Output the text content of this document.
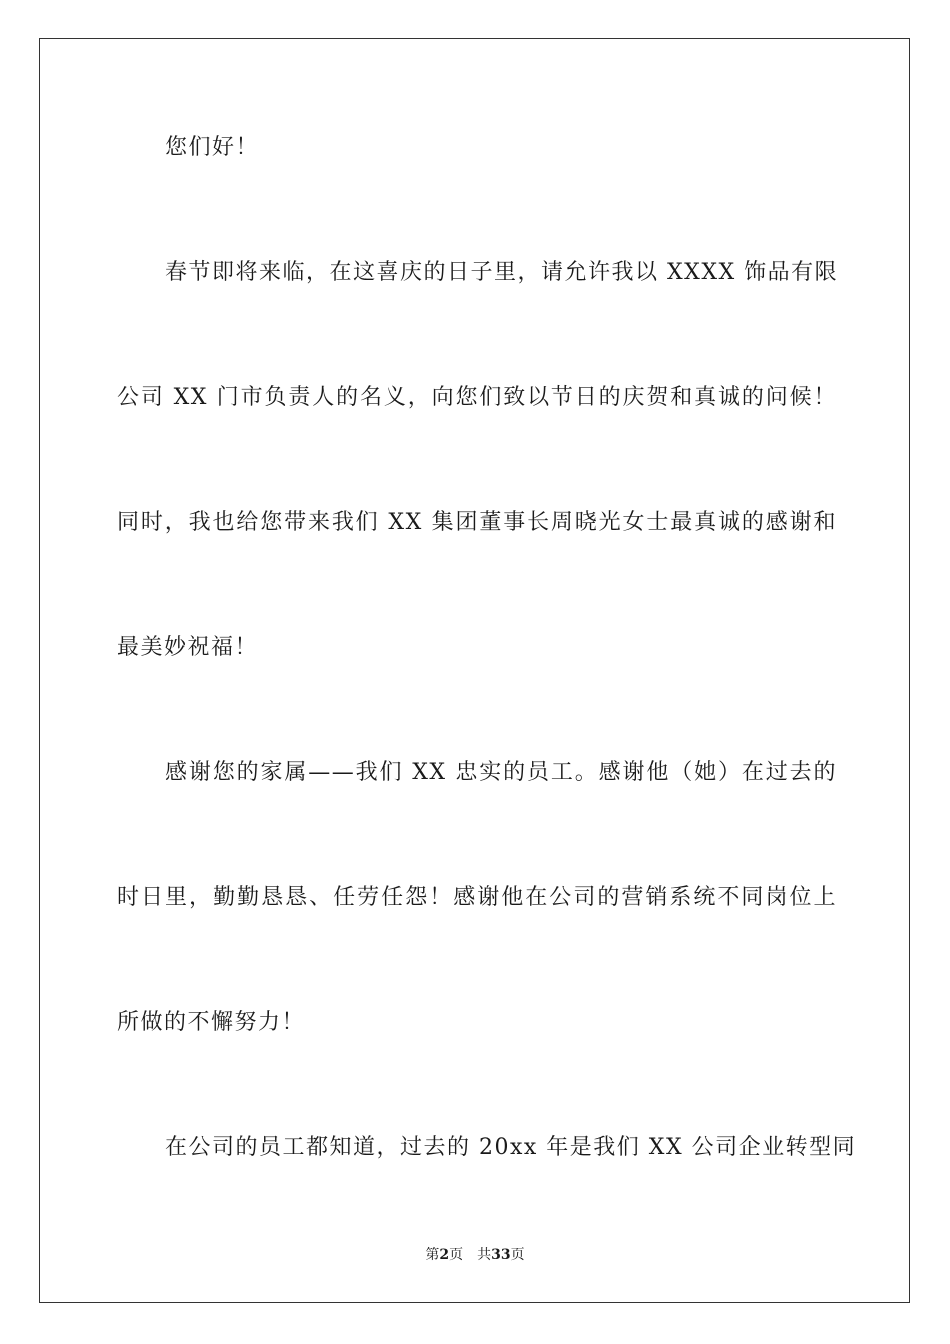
您们好！
春节即将来临，在这喜庆的日子里，请允许我以 XXXX 饰品有限
公司 XX 门市负责人的名义，向您们致以节日的庆贺和真诚的问候！
同时，我也给您带来我们 XX 集团董事长周晓光女士最真诚的感谢和
最美妙祝福！
感谢您的家属——我们 XX 忠实的员工。感谢他（她）在过去的
时日里，勤勤恳恳、任劳任怨！感谢他在公司的营销系统不同岗位上
所做的不懈努力！
在公司的员工都知道，过去的 20xx 年是我们 XX 公司企业转型同
第2页 共33页
